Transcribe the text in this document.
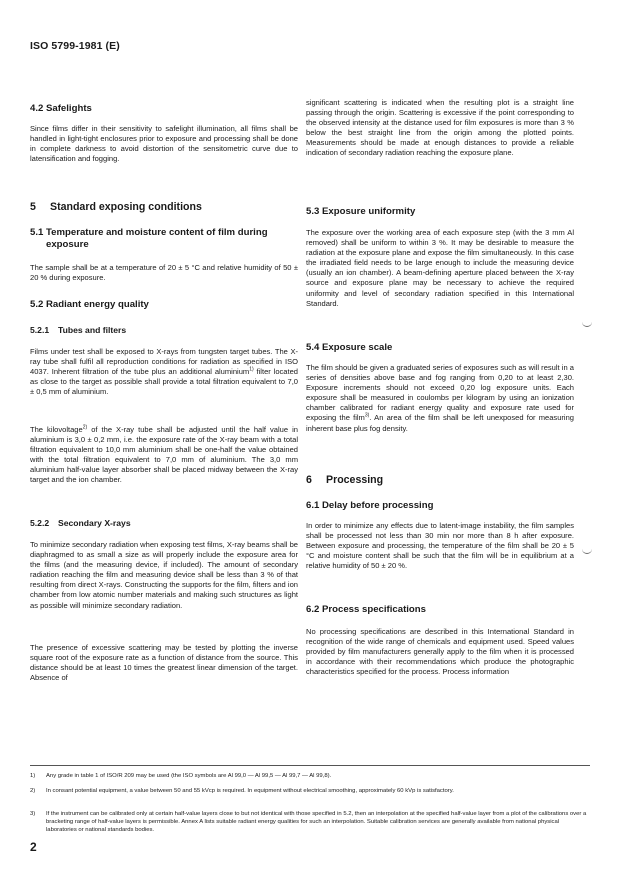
ISO 5799-1981 (E)
4.2 Safelights

Since films differ in their sensitivity to safelight illumination, all films shall be handled in light-tight enclosures prior to exposure and processing shall be done in complete darkness to avoid distortion of the sensitometric curve due to latensification and fogging.

5 Standard exposing conditions
5.1 Temperature and moisture content of film during exposure

The sample shall be at a temperature of 20 ± 5 °C and relative humidity of 50 ± 20 % during exposure.

5.2 Radiant energy quality
5.2.1 Tubes and filters

Films under test shall be exposed to X-rays from tungsten target tubes. The X-ray tube shall fulfil all reproduction conditions for radiation as specified in ISO 4037. Inherent filtration of the tube plus an additional aluminium$^{1)}$ filter located as close to the target as possible shall provide a total filtration equivalent to 7,0 ± 0,5 mm of aluminium.

The kilovoltage$^{2)}$ of the X-ray tube shall be adjusted until the half value in aluminium is 3,0 ± 0,2 mm, i.e. the exposure rate of the X-ray beam with a total filtration equivalent to 10,0 mm aluminium shall be one-half the value obtained with the total filtration equivalent to 7,0 mm of aluminium. The 3,0 mm aluminium half-value layer absorber shall be placed midway between the X-ray target and the ion chamber.

5.2.2 Secondary X-rays

To minimize secondary radiation when exposing test films, X-ray beams shall be diaphragmed to as small a size as will properly include the exposure area for the films (and the measuring device, if included). The amount of secondary radiation reaching the film and measuring device shall be less than 3 % of that resulting from direct X-rays. Constructing the supports for the film, filters and ion chamber from low atomic number materials and making such structures as light as possible will minimize secondary radiation.

The presence of excessive scattering may be tested by plotting the inverse square root of the exposure rate as a function of distance from the source. This distance should be at least 10 times the greatest linear dimension of the target. Absence of

significant scattering is indicated when the resulting plot is a straight line passing through the origin. Scattering is excessive if the point corresponding to the observed intensity at the distance used for film exposures is more than 3 % below the best straight line from the origin among the plotted points. Measurements should be made at enough distances to provide a reliable indication of secondary radiation reaching the exposure plane.

5.3 Exposure uniformity

The exposure over the working area of each exposure step (with the 3 mm Al removed) shall be uniform to within 3 %. It may be desirable to measure the radiation at the exposure plane and expose the film simultaneously. In this case the irradiated field needs to be large enough to include the measuring device (usually an ion chamber). A beam-defining aperture placed between the X-ray source and exposure plane may be necessary to achieve the required uniformity and level of secondary radiation specified in this International Standard.

5.4 Exposure scale

The film should be given a graduated series of exposures such as will result in a series of densities above base and fog ranging from 0,20 to at least 2,30. Exposure increments should not exceed 0,20 log exposure units. Each exposure shall be measured in coulombs per kilogram by using an ionization chamber calibrated for radiant energy quality and exposure rate used for exposing the film$^{3)}$. An area of the film shall be left unexposed for measuring inherent base plus fog density.

6 Processing
6.1 Delay before processing

In order to minimize any effects due to latent-image instability, the film samples shall be processed not less than 30 min nor more than 8 h after exposure. Between exposure and processing, the temperature of the film shall be 20 ± 5 °C and moisture content shall be such that the film will be in equilibrium at a relative humidity of 50 ± 20 %.

6.2 Process specifications

No processing specifications are described in this International Standard in recognition of the wide range of chemicals and equipment used. Speed values provided by film manufacturers generally apply to the film when it is processed in accordance with their recommendations which produce the photographic characteristics specified for the process. Process information

1)	Any grade in table 1 of ISO/R 209 may be used (the ISO symbols are Al 99,0 — Al 99,5 — Al 99,7 — Al 99,8).
2)	In consant potential equipment, a value between 50 and 55 kVcp is required. In equipment without electrical smoothing, approximately 60 kVp is satisfactory.
3)	If the instrument can be calibrated only at certain half-value layers close to but not identical with those specified in 5.2, then an interpolation at the specified half-value layer from a plot of the calibrations over a bracketing range of half-value layers is permissible. Annex A lists suitable radiant energy qualities for such an interpolation. Suitable calibration services are generally available from national physical laboratories or national standards bodies.
2
